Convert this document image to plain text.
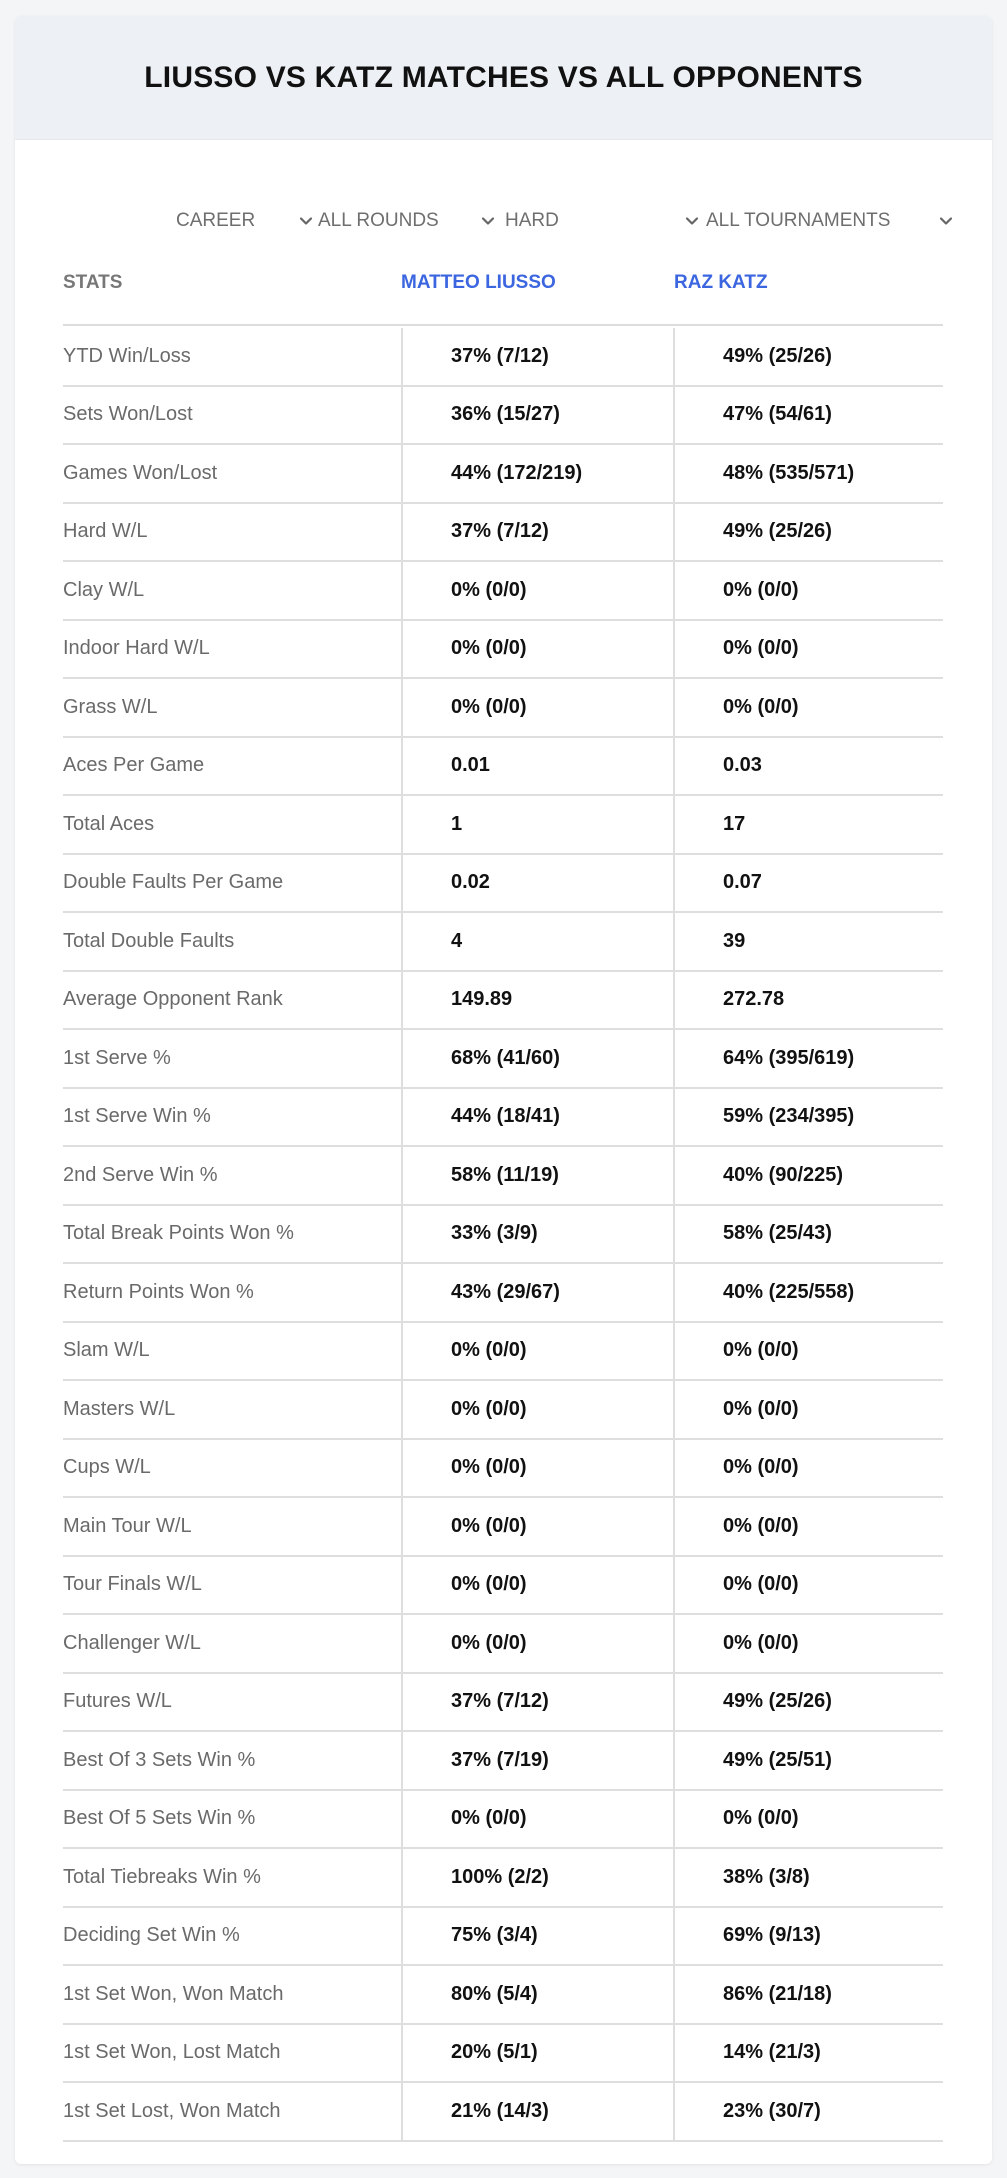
LIUSSO VS KATZ MATCHES VS ALL OPPONENTS
CAREER	ALL ROUNDS	HARD	ALL TOURNAMENTS
STATS	MATTEO LIUSSO	RAZ KATZ
YTD Win/Loss	37% (7/12)	49% (25/26)
Sets Won/Lost	36% (15/27)	47% (54/61)
Games Won/Lost	44% (172/219)	48% (535/571)
Hard W/L	37% (7/12)	49% (25/26)
Clay W/L	0% (0/0)	0% (0/0)
Indoor Hard W/L	0% (0/0)	0% (0/0)
Grass W/L	0% (0/0)	0% (0/0)
Aces Per Game	0.01	0.03
Total Aces	1	17
Double Faults Per Game	0.02	0.07
Total Double Faults	4	39
Average Opponent Rank	149.89	272.78
1st Serve %	68% (41/60)	64% (395/619)
1st Serve Win %	44% (18/41)	59% (234/395)
2nd Serve Win %	58% (11/19)	40% (90/225)
Total Break Points Won %	33% (3/9)	58% (25/43)
Return Points Won %	43% (29/67)	40% (225/558)
Slam W/L	0% (0/0)	0% (0/0)
Masters W/L	0% (0/0)	0% (0/0)
Cups W/L	0% (0/0)	0% (0/0)
Main Tour W/L	0% (0/0)	0% (0/0)
Tour Finals W/L	0% (0/0)	0% (0/0)
Challenger W/L	0% (0/0)	0% (0/0)
Futures W/L	37% (7/12)	49% (25/26)
Best Of 3 Sets Win %	37% (7/19)	49% (25/51)
Best Of 5 Sets Win %	0% (0/0)	0% (0/0)
Total Tiebreaks Win %	100% (2/2)	38% (3/8)
Deciding Set Win %	75% (3/4)	69% (9/13)
1st Set Won, Won Match	80% (5/4)	86% (21/18)
1st Set Won, Lost Match	20% (5/1)	14% (21/3)
1st Set Lost, Won Match	21% (14/3)	23% (30/7)
